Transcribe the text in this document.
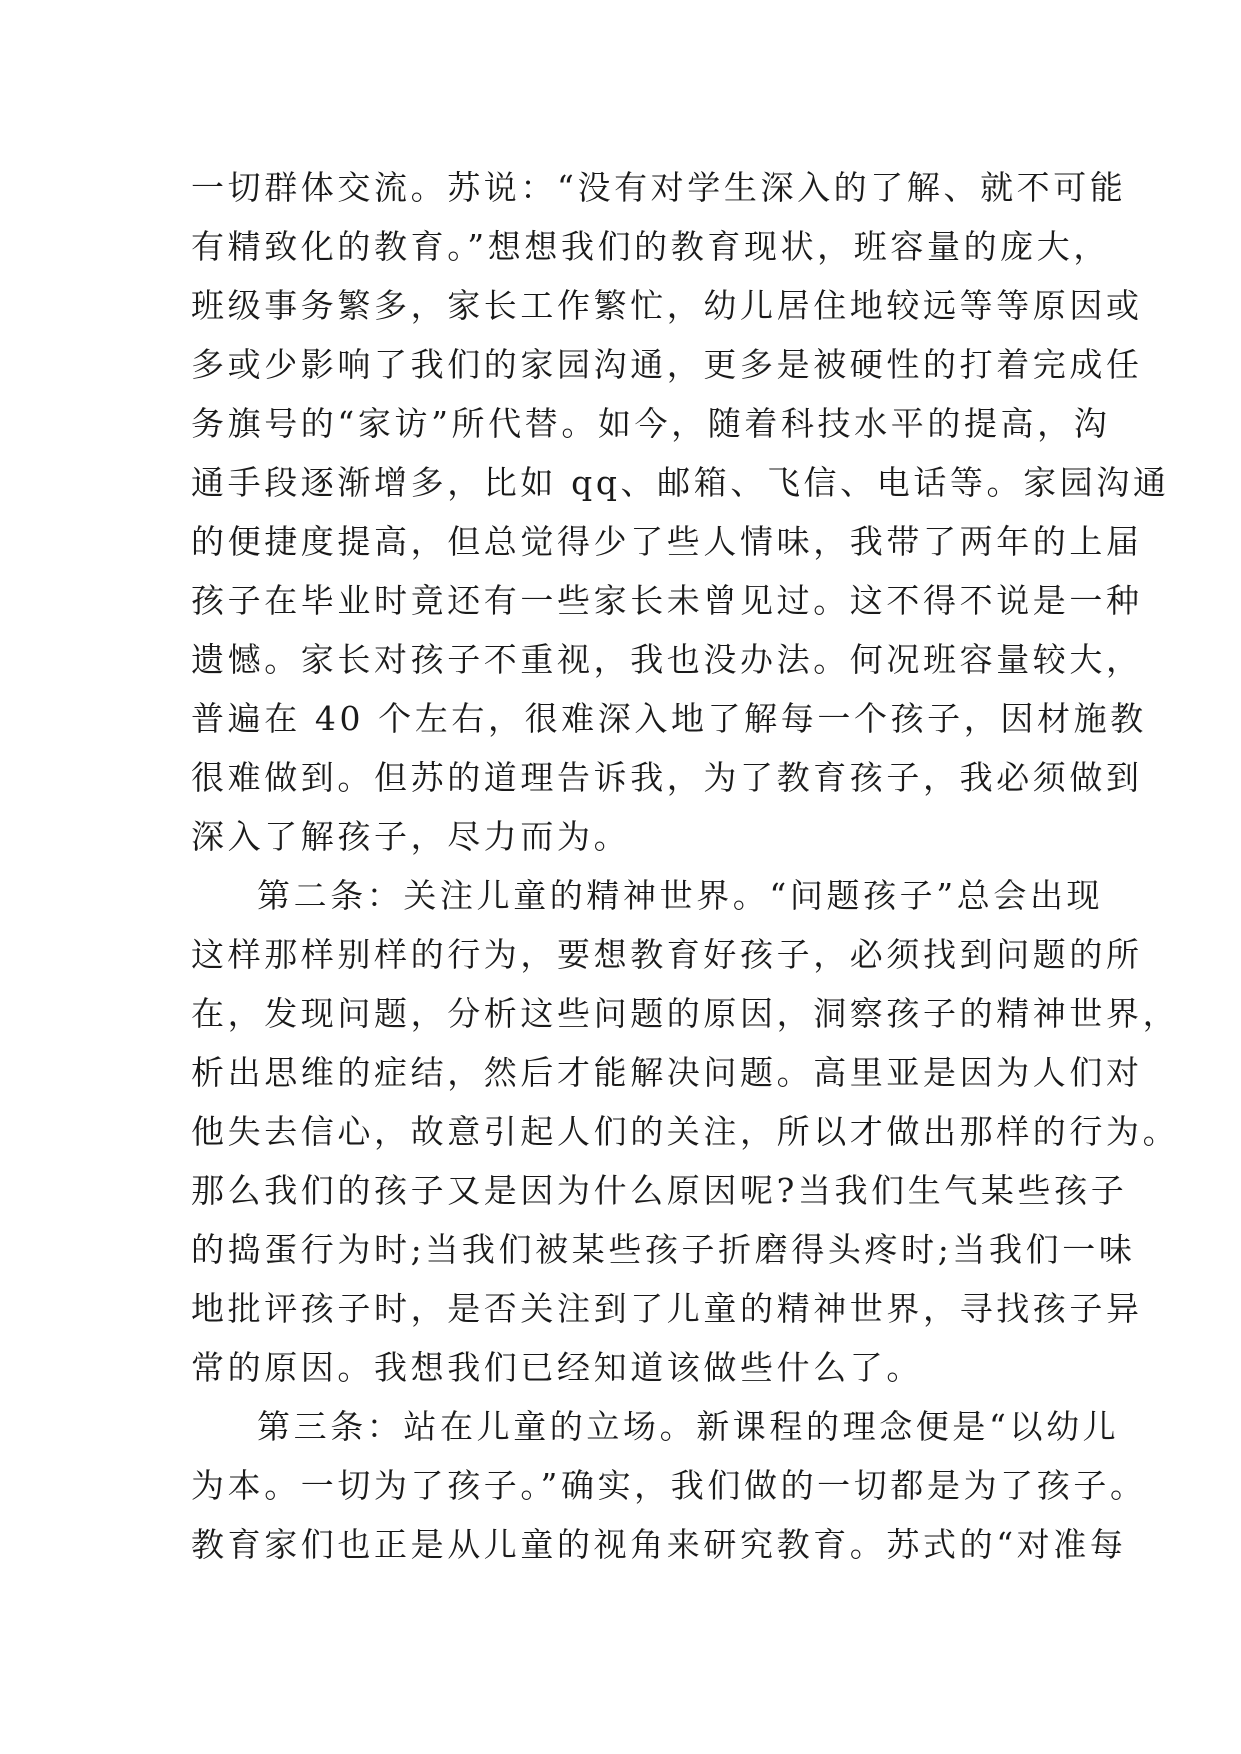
一切群体交流。苏说：“没有对学生深入的了解、就不可能
有精致化的教育。”想想我们的教育现状，班容量的庞大，
班级事务繁多，家长工作繁忙，幼儿居住地较远等等原因或
多或少影响了我们的家园沟通，更多是被硬性的打着完成任
务旗号的“家访”所代替。如今，随着科技水平的提高，沟
通手段逐渐增多，比如 qq、邮箱、飞信、电话等。家园沟通
的便捷度提高，但总觉得少了些人情味，我带了两年的上届
孩子在毕业时竟还有一些家长未曾见过。这不得不说是一种
遗憾。家长对孩子不重视，我也没办法。何况班容量较大，
普遍在 40 个左右，很难深入地了解每一个孩子，因材施教
很难做到。但苏的道理告诉我，为了教育孩子，我必须做到
深入了解孩子，尽力而为。
第二条：关注儿童的精神世界。“问题孩子”总会出现
这样那样别样的行为，要想教育好孩子，必须找到问题的所
在，发现问题，分析这些问题的原因，洞察孩子的精神世界，
析出思维的症结，然后才能解决问题。高里亚是因为人们对
他失去信心，故意引起人们的关注，所以才做出那样的行为。
那么我们的孩子又是因为什么原因呢?当我们生气某些孩子
的捣蛋行为时;当我们被某些孩子折磨得头疼时;当我们一味
地批评孩子时，是否关注到了儿童的精神世界，寻找孩子异
常的原因。我想我们已经知道该做些什么了。
第三条：站在儿童的立场。新课程的理念便是“以幼儿
为本。一切为了孩子。”确实，我们做的一切都是为了孩子。
教育家们也正是从儿童的视角来研究教育。苏式的“对准每
